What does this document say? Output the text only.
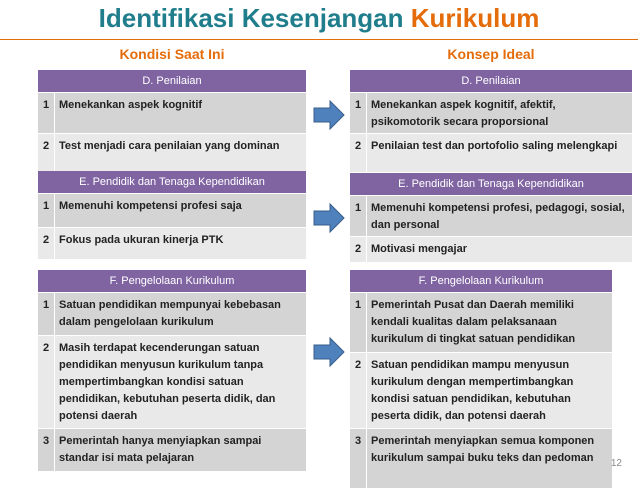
Identifikasi Kesenjangan Kurikulum
Kondisi Saat Ini	Konsep Ideal
D. Penilaian
1 Menekankan aspek kognitif
2 Test menjadi cara penilaian yang dominan
E. Pendidik dan Tenaga Kependidikan
1 Memenuhi kompetensi profesi saja
2 Fokus pada ukuran kinerja PTK
F. Pengelolaan Kurikulum
1 Satuan pendidikan mempunyai kebebasan dalam pengelolaan kurikulum
2 Masih terdapat kecenderungan satuan pendidikan menyusun kurikulum tanpa mempertimbangkan kondisi satuan pendidikan, kebutuhan peserta didik, dan potensi daerah
3 Pemerintah hanya menyiapkan sampai standar isi mata pelajaran
D. Penilaian
1 Menekankan aspek kognitif, afektif, psikomotorik secara proporsional
2 Penilaian test dan portofolio saling melengkapi
E. Pendidik dan Tenaga Kependidikan
1 Memenuhi kompetensi profesi, pedagogi, sosial, dan personal
2 Motivasi mengajar
F. Pengelolaan Kurikulum
1 Pemerintah Pusat dan Daerah memiliki kendali kualitas dalam pelaksanaan kurikulum di tingkat satuan pendidikan
2 Satuan pendidikan mampu menyusun kurikulum dengan mempertimbangkan kondisi satuan pendidikan, kebutuhan peserta didik, dan potensi daerah
3 Pemerintah menyiapkan semua komponen kurikulum sampai buku teks dan pedoman	12
